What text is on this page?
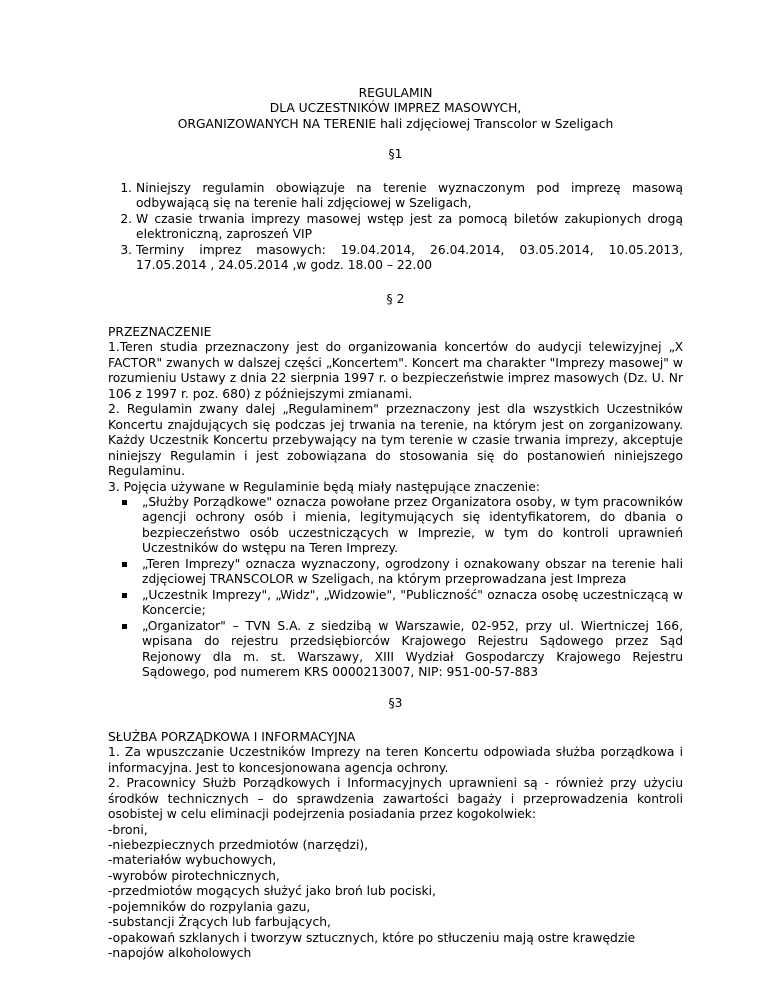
REGULAMIN

DLA UCZESTNIKÓW IMPREZ MASOWYCH,

ORGANIZOWANYCH NA TERENIE hali zdjęciowej Transcolor w Szeligach

§1

1. Niniejszy regulamin obowiązuje na terenie wyznaczonym pod imprezę masową odbywającą się na terenie hali zdjęciowej w Szeligach,
2. W czasie trwania imprezy masowej wstęp jest za pomocą biletów zakupionych drogą elektroniczną, zaproszeń VIP
3. Terminy imprez masowych: 19.04.2014, 26.04.2014, 03.05.2014, 10.05.2013, 17.05.2014 , 24.05.2014 ,w godz. 18.00 – 22.00

§ 2

PRZEZNACZENIE

1.Teren studia przeznaczony jest do organizowania koncertów do audycji telewizyjnej „X FACTOR" zwanych w dalszej części „Koncertem". Koncert ma charakter "Imprezy masowej" w rozumieniu Ustawy z dnia 22 sierpnia 1997 r. o bezpieczeństwie imprez masowych (Dz. U. Nr 106 z 1997 r. poz. 680) z późniejszymi zmianami.

2. Regulamin zwany dalej „Regulaminem" przeznaczony jest dla wszystkich Uczestników Koncertu znajdujących się podczas jej trwania na terenie, na którym jest on zorganizowany. Każdy Uczestnik Koncertu przebywający na tym terenie w czasie trwania imprezy, akceptuje niniejszy Regulamin i jest zobowiązana do stosowania się do postanowień niniejszego Regulaminu.

3. Pojęcia używane w Regulaminie będą miały następujące znaczenie:

„Służby Porządkowe" oznacza powołane przez Organizatora osoby, w tym pracowników agencji ochrony osób i mienia, legitymujących się identyfikatorem, do dbania o bezpieczeństwo osób uczestniczących w Imprezie, w tym do kontroli uprawnień Uczestników do wstępu na Teren Imprezy.
„Teren Imprezy" oznacza wyznaczony, ogrodzony i oznakowany obszar na terenie hali zdjęciowej TRANSCOLOR w Szeligach, na którym przeprowadzana jest Impreza
„Uczestnik Imprezy", „Widz", „Widzowie", "Publiczność" oznacza osobę uczestniczącą w Koncercie;
„Organizator" – TVN S.A. z siedzibą w Warszawie, 02-952, przy ul. Wiertniczej 166, wpisana do rejestru przedsiębiorców Krajowego Rejestru Sądowego przez Sąd Rejonowy dla m. st. Warszawy, XIII Wydział Gospodarczy Krajowego Rejestru Sądowego, pod numerem KRS 0000213007, NIP: 951-00-57-883

§3

SŁUŻBA PORZĄDKOWA I INFORMACYJNA

1. Za wpuszczanie Uczestników Imprezy na teren Koncertu odpowiada służba porządkowa i informacyjna. Jest to koncesjonowana agencja ochrony.

2. Pracownicy Służb Porządkowych i Informacyjnych uprawnieni są - również przy użyciu środków technicznych – do sprawdzenia zawartości bagaży i przeprowadzenia kontroli osobistej w celu eliminacji podejrzenia posiadania przez kogokolwiek:

-broni,

-niebezpiecznych przedmiotów (narzędzi),

-materiałów wybuchowych,

-wyrobów pirotechnicznych,

-przedmiotów mogących służyć jako broń lub pociski,

-pojemników do rozpylania gazu,

-substancji Żrących lub farbujących,

-opakowań szklanych i tworzyw sztucznych, które po stłuczeniu mają ostre krawędzie

-napojów alkoholowych
